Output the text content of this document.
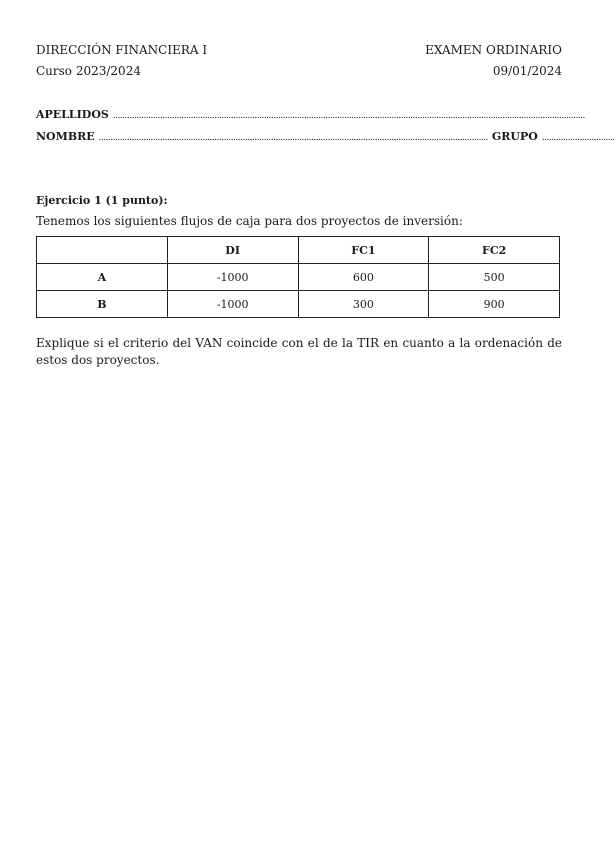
DIRECCIÓN FINANCIERA I	EXAMEN ORDINARIO
Curso 2023/2024	09/01/2024
APELLIDOS ........................................................................................................................................................................................................
NOMBRE ..................................................................................................................................................................... GRUPO ...............................
Ejercicio 1 (1 punto):
Tenemos los siguientes flujos de caja para dos proyectos de inversión:
	DI	FC1	FC2
A	-1000	600	500
B	-1000	300	900
Explique si el criterio del VAN coincide con el de la TIR en cuanto a la ordenación de estos dos proyectos.
